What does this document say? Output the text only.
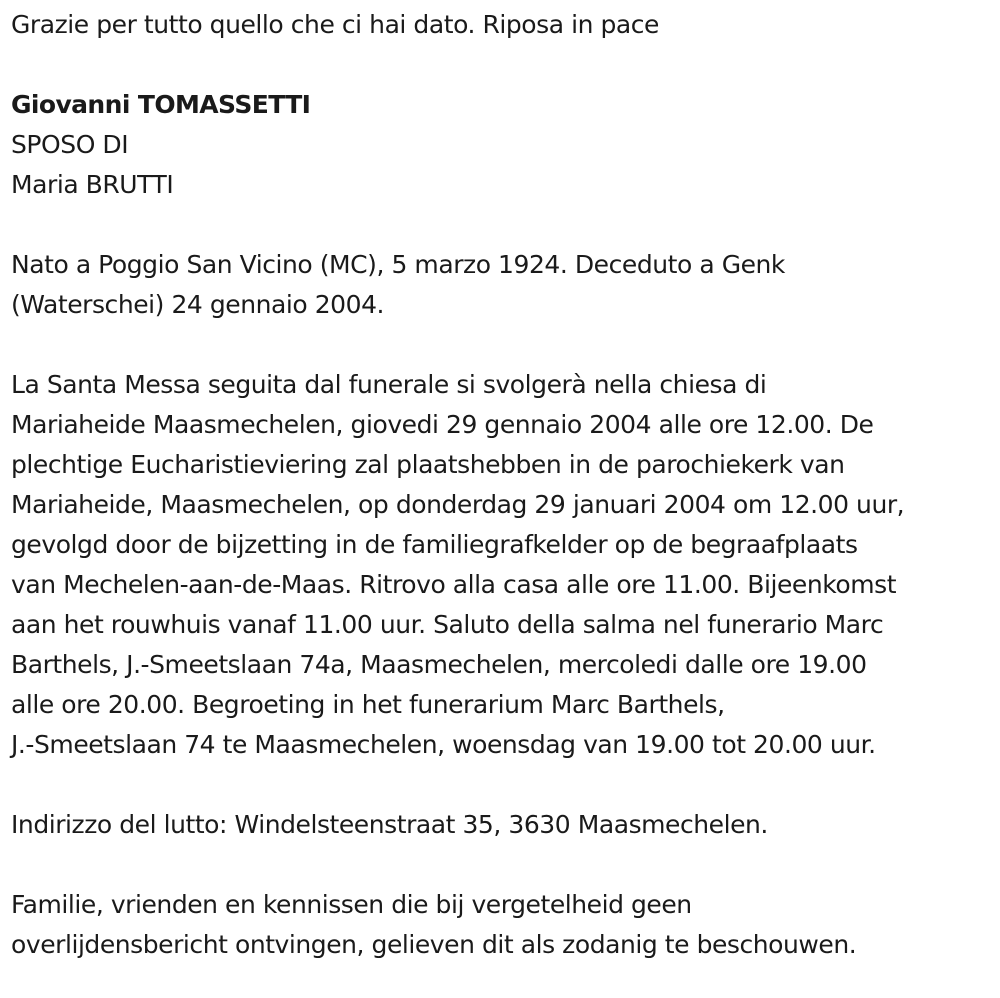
Grazie per tutto quello che ci hai dato. Riposa in pace
Giovanni TOMASSETTI
SPOSO DI
Maria BRUTTI
Nato a Poggio San Vicino (MC), 5 marzo 1924. Deceduto a Genk
(Waterschei) 24 gennaio 2004.
La Santa Messa seguita dal funerale si svolgerà nella chiesa di
Mariaheide Maasmechelen, giovedi 29 gennaio 2004 alle ore 12.00. De
plechtige Eucharistieviering zal plaatshebben in de parochiekerk van
Mariaheide, Maasmechelen, op donderdag 29 januari 2004 om 12.00 uur,
gevolgd door de bijzetting in de familiegrafkelder op de begraafplaats
van Mechelen-aan-de-Maas. Ritrovo alla casa alle ore 11.00. Bijeenkomst
aan het rouwhuis vanaf 11.00 uur. Saluto della salma nel funerario Marc
Barthels, J.-Smeetslaan 74a, Maasmechelen, mercoledi dalle ore 19.00
alle ore 20.00. Begroeting in het funerarium Marc Barthels,
J.-Smeetslaan 74 te Maasmechelen, woensdag van 19.00 tot 20.00 uur.
Indirizzo del lutto: Windelsteenstraat 35, 3630 Maasmechelen.
Familie, vrienden en kennissen die bij vergetelheid geen
overlijdensbericht ontvingen, gelieven dit als zodanig te beschouwen.
